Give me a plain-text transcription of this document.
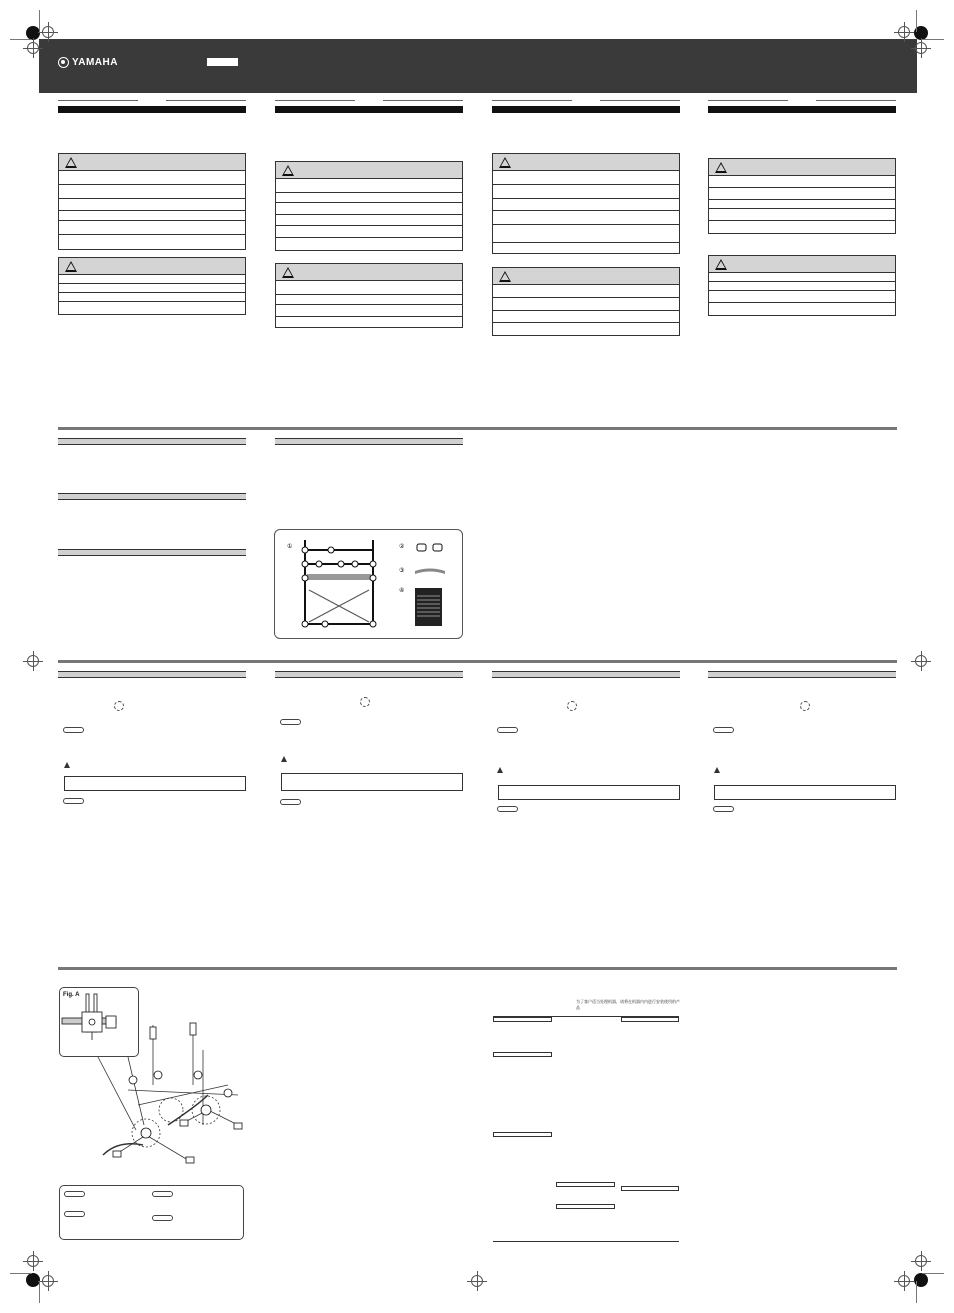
YAMAHA
①	②
③
④
Fig. A
为了客户适当处理机器，请将在机器内内进行安装使用的产品
